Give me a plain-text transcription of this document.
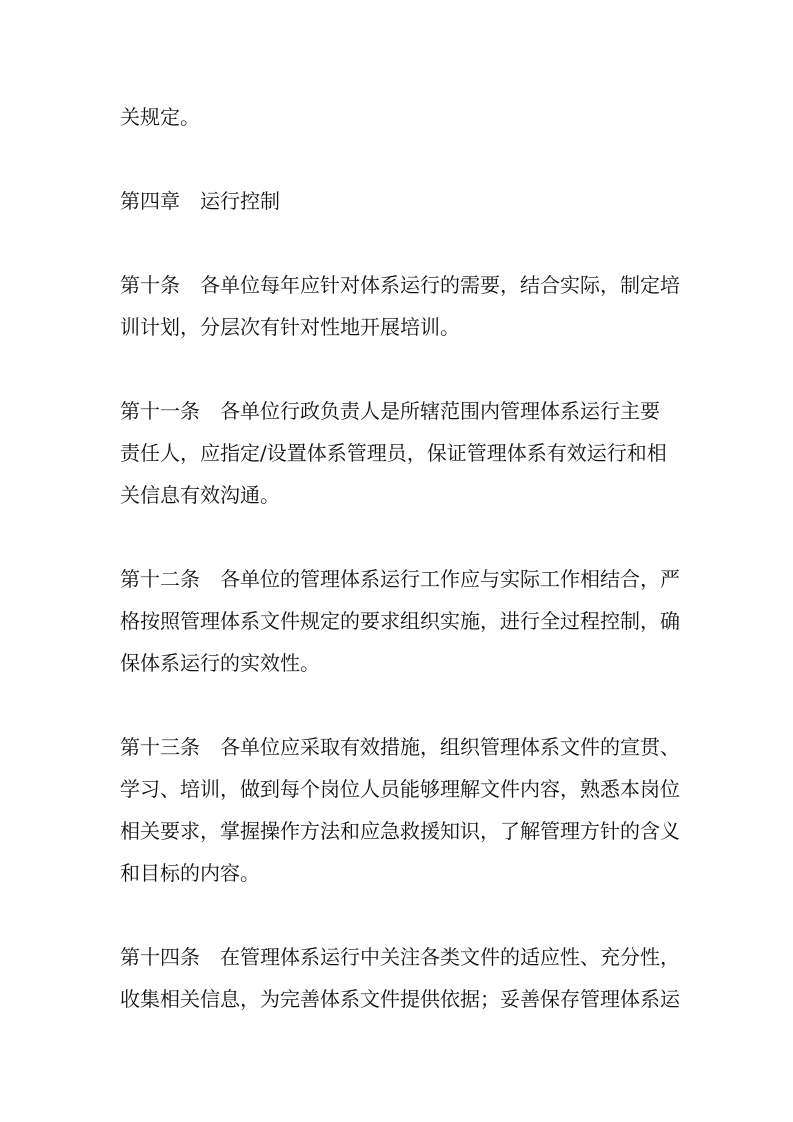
关规定。
第四章　运行控制
第十条　各单位每年应针对体系运行的需要，结合实际，制定培
训计划，分层次有针对性地开展培训。
第十一条　各单位行政负责人是所辖范围内管理体系运行主要
责任人，应指定/设置体系管理员，保证管理体系有效运行和相
关信息有效沟通。
第十二条　各单位的管理体系运行工作应与实际工作相结合，严
格按照管理体系文件规定的要求组织实施，进行全过程控制，确
保体系运行的实效性。
第十三条　各单位应采取有效措施，组织管理体系文件的宣贯、
学习、培训，做到每个岗位人员能够理解文件内容，熟悉本岗位
相关要求，掌握操作方法和应急救援知识，了解管理方针的含义
和目标的内容。
第十四条　在管理体系运行中关注各类文件的适应性、充分性，
收集相关信息，为完善体系文件提供依据；妥善保存管理体系运
